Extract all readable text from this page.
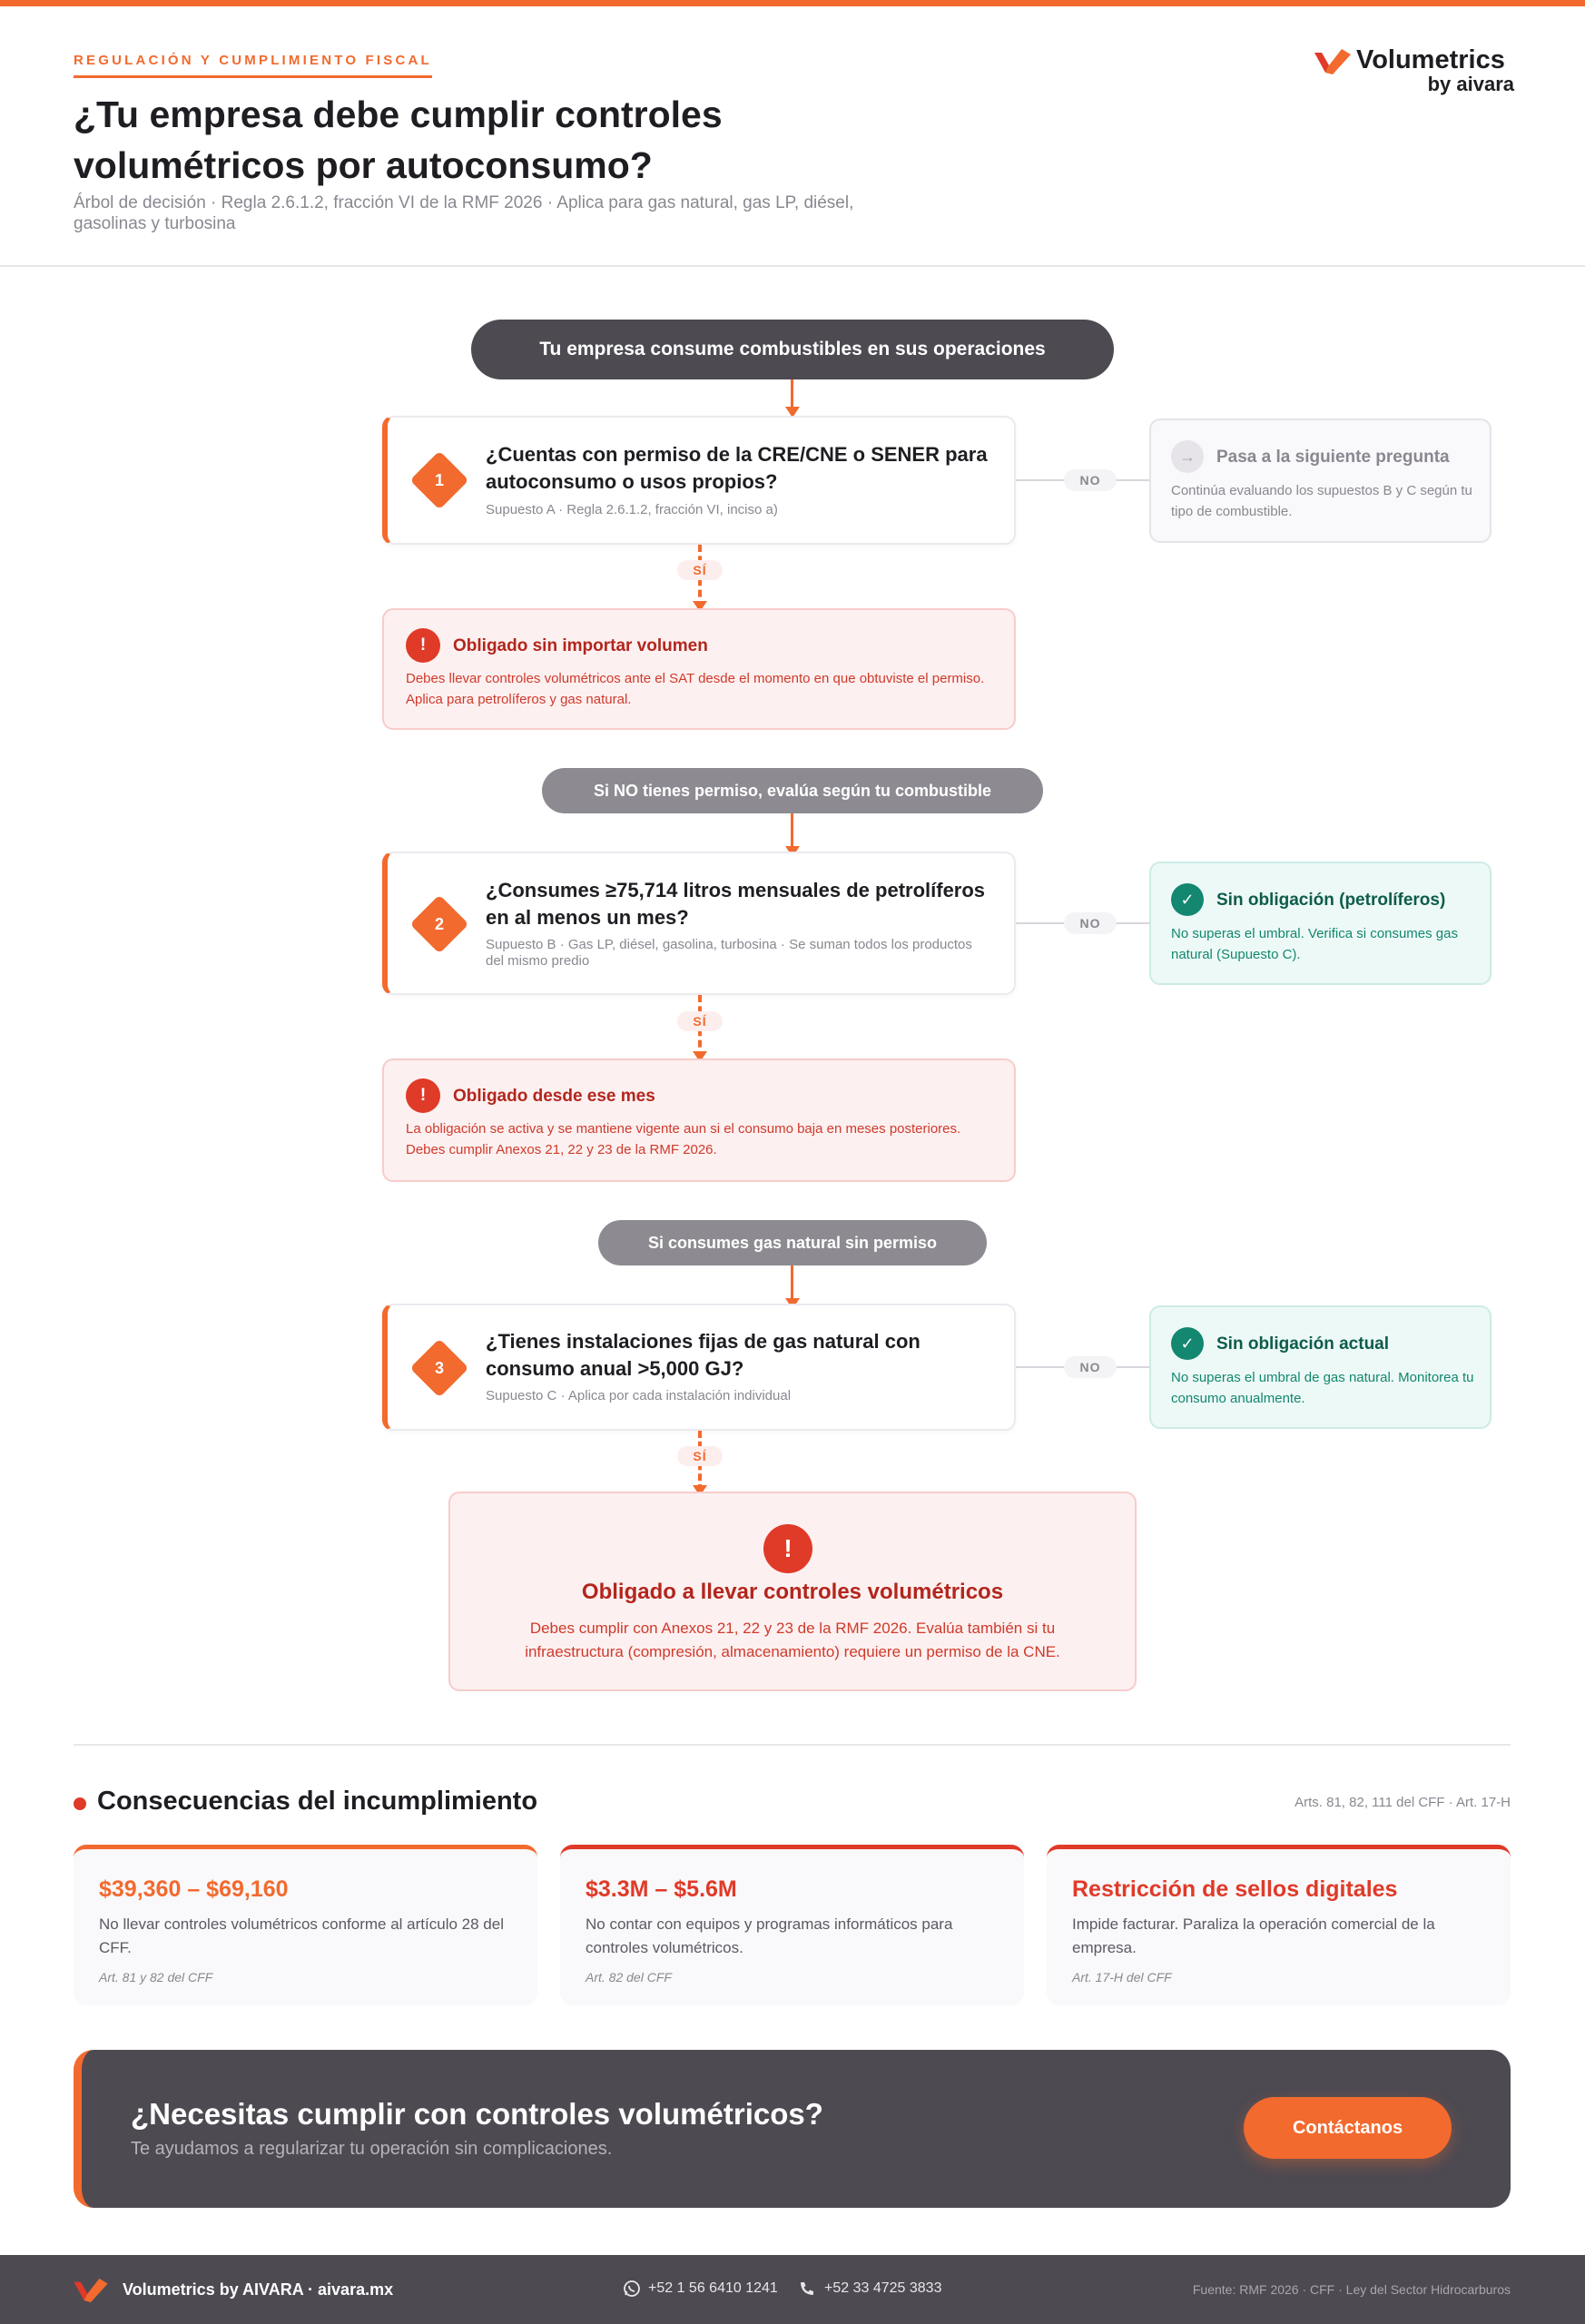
REGULACIÓN Y CUMPLIMIENTO FISCAL
¿Tu empresa debe cumplir controles volumétricos por autoconsumo?

Árbol de decisión · Regla 2.6.1.2, fracción VI de la RMF 2026 · Aplica para gas natural, gas LP, diésel, gasolinas y turbosina

Volumetrics
by aivara
Tu empresa consume combustibles en sus operaciones
1
¿Cuentas con permiso de la CRE/CNE o SENER para autoconsumo o usos propios?
Supuesto A · Regla 2.6.1.2, fracción VI, inciso a)
NO
→	Pasa a la siguiente pregunta
Continúa evaluando los supuestos B y C según tu tipo de combustible.
SÍ
!	Obligado sin importar volumen
Debes llevar controles volumétricos ante el SAT desde el momento en que obtuviste el permiso. Aplica para petrolíferos y gas natural.
Si NO tienes permiso, evalúa según tu combustible
2
¿Consumes ≥75,714 litros mensuales de petrolíferos en al menos un mes?
Supuesto B · Gas LP, diésel, gasolina, turbosina · Se suman todos los productos del mismo predio
NO
✓	Sin obligación (petrolíferos)
No superas el umbral. Verifica si consumes gas natural (Supuesto C).
SÍ
!	Obligado desde ese mes
La obligación se activa y se mantiene vigente aun si el consumo baja en meses posteriores. Debes cumplir Anexos 21, 22 y 23 de la RMF 2026.
Si consumes gas natural sin permiso
3
¿Tienes instalaciones fijas de gas natural con consumo anual >5,000 GJ?
Supuesto C · Aplica por cada instalación individual
NO
✓	Sin obligación actual
No superas el umbral de gas natural. Monitorea tu consumo anualmente.
SÍ
!
Obligado a llevar controles volumétricos
Debes cumplir con Anexos 21, 22 y 23 de la RMF 2026. Evalúa también si tu infraestructura (compresión, almacenamiento) requiere un permiso de la CNE.
Consecuencias del incumplimiento	Arts. 81, 82, 111 del CFF · Art. 17-H
$39,360 – $69,160
No llevar controles volumétricos conforme al artículo 28 del CFF.
Art. 81 y 82 del CFF
$3.3M – $5.6M
No contar con equipos y programas informáticos para controles volumétricos.
Art. 82 del CFF
Restricción de sellos digitales
Impide facturar. Paraliza la operación comercial de la empresa.
Art. 17-H del CFF
¿Necesitas cumplir con controles volumétricos?
Te ayudamos a regularizar tu operación sin complicaciones.
Contáctanos
Volumetrics by AIVARA · aivara.mx	+52 1 56 6410 1241	+52 33 4725 3833	Fuente: RMF 2026 · CFF · Ley del Sector Hidrocarburos
